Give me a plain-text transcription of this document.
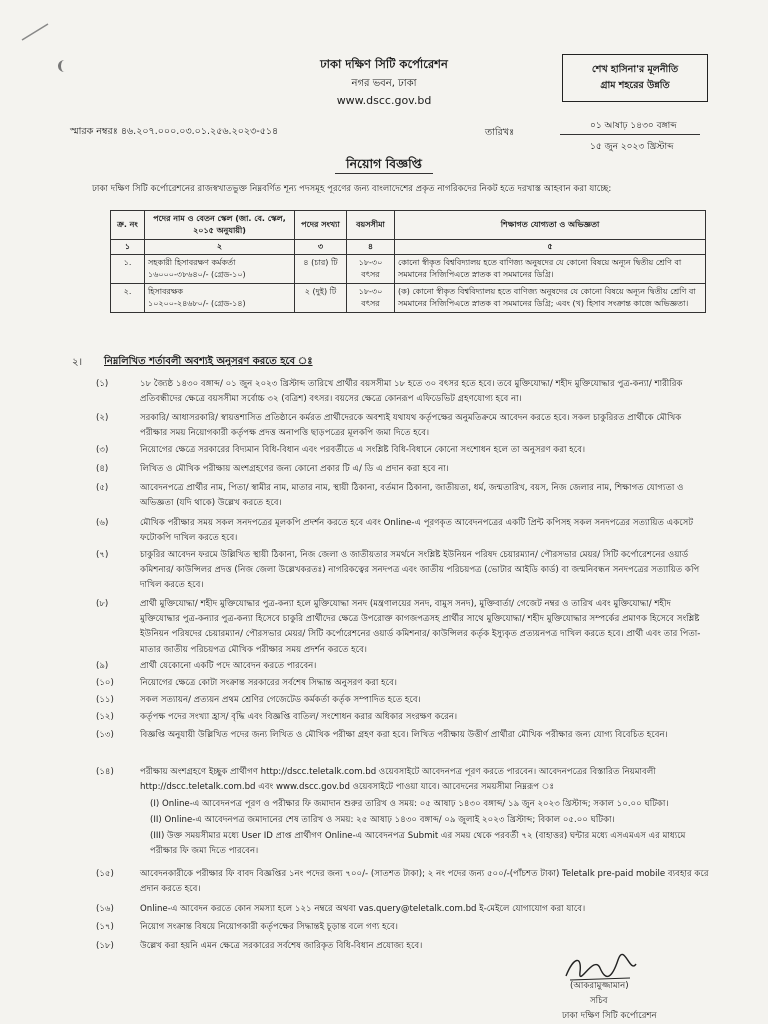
ঢাকা দক্ষিণ সিটি কর্পোরেশন
নগর ভবন, ঢাকা
www.dscc.gov.bd
শেখ হাসিনা'র মূলনীতি
গ্রাম শহরের উন্নতি
স্মারক নম্বরঃ ৪৬.২০৭.০০০.০৩.০১.২৫৬.২০২৩-৫১৪	তারিখঃ
০১ আষাঢ় ১৪৩০ বঙ্গাব্দ
১৫ জুন ২০২৩ খ্রিস্টাব্দ
নিয়োগ বিজ্ঞপ্তি
ঢাকা দক্ষিণ সিটি কর্পোরেশনের রাজস্বখাতভুক্ত নিম্নবর্ণিত শূন্য পদসমূহ পূরণের জন্য বাংলাদেশের প্রকৃত নাগরিকদের নিকট হতে দরখাস্ত আহবান করা যাচ্ছে:
ক্র. নং	পদের নাম ও বেতন স্কেল (জা. বে. স্কেল, ২০১৫ অনুযায়ী)	পদের সংখ্যা	বয়সসীমা	শিক্ষাগত যোগ্যতা ও অভিজ্ঞতা
১	২	৩	৪	৫
১.	সহকারী হিসাবরক্ষণ কর্মকর্তা
১৬০০০-৩৮৬৪০/- (গ্রেড-১০)	৪ (চার) টি	১৮-৩০ বৎসর	কোনো স্বীকৃত বিশ্ববিদ্যালয় হতে বাণিজ্য অনুষদের যে কোনো বিষয়ে অন্যূন দ্বিতীয় শ্রেণি বা সমমানের সিজিপিএতে স্নাতক বা সমমানের ডিগ্রি।
২.	হিসাবরক্ষক
১০২০০-২৪৬৮০/- (গ্রেড-১৪)	২ (দুই) টি	১৮-৩০ বৎসর	(ক) কোনো স্বীকৃত বিশ্ববিদ্যালয় হতে বাণিজ্য অনুষদের যে কোনো বিষয়ে অন্যূন দ্বিতীয় শ্রেণি বা সমমানের সিজিপিএতে স্নাতক বা সমমানের ডিগ্রি; এবং (খ) হিসাব সংক্রান্ত কাজে অভিজ্ঞতা।
২। নিম্নলিখিত শর্তাবলী অবশ্যই অনুসরণ করতে হবে ঃ
(১)	১৮ জ্যৈষ্ঠ ১৪৩০ বঙ্গাব্দ/ ০১ জুন ২০২৩ খ্রিস্টাব্দ তারিখে প্রার্থীর বয়সসীমা ১৮ হতে ৩০ বৎসর হতে হবে। তবে মুক্তিযোদ্ধা/ শহীদ মুক্তিযোদ্ধার পুত্র-কন্যা/ শারীরিক প্রতিবন্ধীদের ক্ষেত্রে বয়সসীমা সর্বোচ্চ ৩২ (বত্রিশ) বৎসর। বয়সের ক্ষেত্রে কোনরূপ এফিডেভিট গ্রহণযোগ্য হবে না।
(২)	সরকারি/ আধাসরকারি/ স্বায়ত্তশাসিত প্রতিষ্ঠানে কর্মরত প্রার্থীদেরকে অবশ্যই যথাযথ কর্তৃপক্ষের অনুমতিক্রমে আবেদন করতে হবে। সকল চাকুরিরত প্রার্থীকে মৌখিক পরীক্ষার সময় নিয়োগকারী কর্তৃপক্ষ প্রদত্ত অনাপত্তি ছাড়পত্রের মূলকপি জমা দিতে হবে।
(৩)	নিয়োগের ক্ষেত্রে সরকারের বিদ্যমান বিধি-বিধান এবং পরবর্তীতে এ সংশ্লিষ্ট বিধি-বিধানে কোনো সংশোধন হলে তা অনুসরণ করা হবে।
(৪)	লিখিত ও মৌখিক পরীক্ষায় অংশগ্রহণের জন্য কোনো প্রকার টি এ/ ডি এ প্রদান করা হবে না।
(৫)	আবেদনপত্রে প্রার্থীর নাম, পিতা/ স্বামীর নাম, মাতার নাম, স্থায়ী ঠিকানা, বর্তমান ঠিকানা, জাতীয়তা, ধর্ম, জন্মতারিখ, বয়স, নিজ জেলার নাম, শিক্ষাগত যোগ্যতা ও অভিজ্ঞতা (যদি থাকে) উল্লেখ করতে হবে।
(৬)	মৌখিক পরীক্ষার সময় সকল সনদপত্রের মূলকপি প্রদর্শন করতে হবে এবং Online-এ পূরণকৃত আবেদনপত্রের একটি প্রিন্ট কপিসহ সকল সনদপত্রের সত্যায়িত একসেট ফটোকপি দাখিল করতে হবে।
(৭)	চাকুরির আবেদন ফরমে উল্লিখিত স্থায়ী ঠিকানা, নিজ জেলা ও জাতীয়তার সমর্থনে সংশ্লিষ্ট ইউনিয়ন পরিষদ চেয়ারম্যান/ পৌরসভার মেয়র/ সিটি কর্পোরেশনের ওয়ার্ড কমিশনার/ কাউন্সিলর প্রদত্ত (নিজ জেলা উল্লেখকরতঃ) নাগরিকত্বের সনদপত্র এবং জাতীয় পরিচয়পত্র (ভোটার আইডি কার্ড) বা জন্মনিবন্ধন সনদপত্রের সত্যায়িত কপি দাখিল করতে হবে।
(৮)	প্রার্থী মুক্তিযোদ্ধা/ শহীদ মুক্তিযোদ্ধার পুত্র-কন্যা হলে মুক্তিযোদ্ধা সনদ (মন্ত্রণালয়ের সনদ, বামুস সনদ), মুক্তিবার্তা/ গেজেট নম্বর ও তারিখ এবং মুক্তিযোদ্ধা/ শহীদ মুক্তিযোদ্ধার পুত্র-কন্যার পুত্র-কন্যা হিসেবে চাকুরি প্রার্থীদের ক্ষেত্রে উপরোক্ত কাগজপত্রসহ প্রার্থীর সাথে মুক্তিযোদ্ধা/ শহীদ মুক্তিযোদ্ধার সম্পর্কের প্রমাণক হিসেবে সংশ্লিষ্ট ইউনিয়ন পরিষদের চেয়ারম্যান/ পৌরসভার মেয়র/ সিটি কর্পোরেশনের ওয়ার্ড কমিশনার/ কাউন্সিলর কর্তৃক ইস্যুকৃত প্রত্যয়নপত্র দাখিল করতে হবে। প্রার্থী এবং তার পিতা-মাতার জাতীয় পরিচয়পত্র মৌখিক পরীক্ষার সময় প্রদর্শন করতে হবে।
(৯)	প্রার্থী যেকোনো একটি পদে আবেদন করতে পারবেন।
(১০)	নিয়োগের ক্ষেত্রে কোটা সংক্রান্ত সরকারের সর্বশেষ সিদ্ধান্ত অনুসরণ করা হবে।
(১১)	সকল সত্যায়ন/ প্রত্যয়ন প্রথম শ্রেণির গেজেটেড কর্মকর্তা কর্তৃক সম্পাদিত হতে হবে।
(১২)	কর্তৃপক্ষ পদের সংখ্যা হ্রাস/ বৃদ্ধি এবং বিজ্ঞপ্তি বাতিল/ সংশোধন করার অধিকার সংরক্ষণ করেন।
(১৩)	বিজ্ঞপ্তি অনুযায়ী উল্লিখিত পদের জন্য লিখিত ও মৌখিক পরীক্ষা গ্রহণ করা হবে। লিখিত পরীক্ষায় উত্তীর্ণ প্রার্থীরা মৌখিক পরীক্ষার জন্য যোগ্য বিবেচিত হবেন।
(১৪)	পরীক্ষায় অংশগ্রহণে ইচ্ছুক প্রার্থীগণ http://dscc.teletalk.com.bd ওয়েবসাইটে আবেদনপত্র পূরণ করতে পারবেন। আবেদনপত্রের বিস্তারিত নিয়মাবলী http://dscc.teletalk.com.bd এবং www.dscc.gov.bd ওয়েবসাইটে পাওয়া যাবে। আবেদনের সময়সীমা নিম্নরূপ ঃ
(I) Online-এ আবেদনপত্র পূরণ ও পরীক্ষার ফি জমাদান শুরুর তারিখ ও সময়: ০৫ আষাঢ় ১৪৩০ বঙ্গাব্দ/ ১৯ জুন ২০২৩ খ্রিস্টাব্দ; সকাল ১০.০০ ঘটিকা।
(II) Online-এ আবেদনপত্র জমাদানের শেষ তারিখ ও সময়: ২৫ আষাঢ় ১৪৩০ বঙ্গাব্দ/ ০৯ জুলাই ২০২৩ খ্রিস্টাব্দ; বিকাল ০৫.০০ ঘটিকা।
(III) উক্ত সময়সীমার মধ্যে User ID প্রাপ্ত প্রার্থীগণ Online-এ আবেদনপত্র Submit এর সময় থেকে পরবর্তী ৭২ (বাহাত্তর) ঘন্টার মধ্যে এসএমএস এর মাধ্যমে পরীক্ষার ফি জমা দিতে পারবেন।
(১৫)	আবেদনকারীকে পরীক্ষার ফি বাবদ বিজ্ঞপ্তির ১নং পদের জন্য ৭০০/- (সাতশত টাকা); ২ নং পদের জন্য ৫০০/-(পাঁচশত টাকা) Teletalk pre-paid mobile ব্যবহার করে প্রদান করতে হবে।
(১৬)	Online-এ আবেদন করতে কোন সমস্যা হলে ১২১ নম্বরে অথবা vas.query@teletalk.com.bd ই-মেইলে যোগাযোগ করা যাবে।
(১৭)	নিয়োগ সংক্রান্ত বিষয়ে নিয়োগকারী কর্তৃপক্ষের সিদ্ধান্তই চূড়ান্ত বলে গণ্য হবে।
(১৮)	উল্লেখ করা হয়নি এমন ক্ষেত্রে সরকারের সর্বশেষ জারিকৃত বিধি-বিধান প্রযোজ্য হবে।
(আকরামুজ্জামান)
সচিব
ঢাকা দক্ষিণ সিটি কর্পোরেশন
